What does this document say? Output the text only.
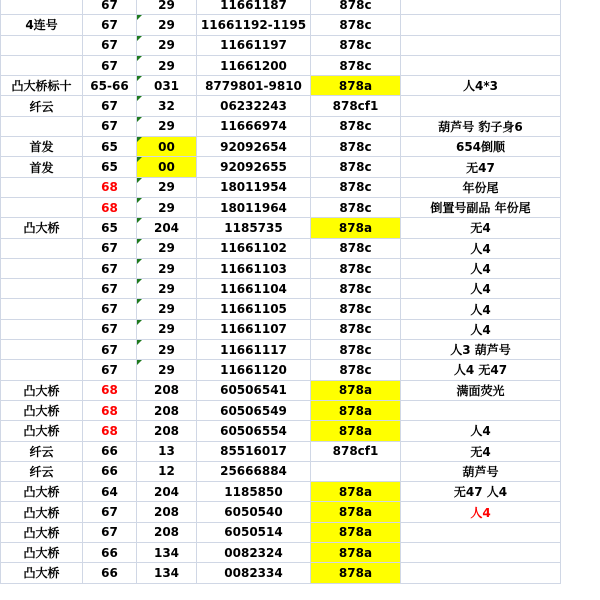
	67	29	11661187	878c	
4连号	67	29	11661192-1195	878c	
	67	29	11661197	878c	
	67	29	11661200	878c	
凸大桥标十	65-66	031	8779801-9810	878a	人4*3
纤云	67	32	06232243	878cf1	
	67	29	11666974	878c	葫芦号 豹子身6
首发	65	00	92092654	878c	654倒顺
首发	65	00	92092655	878c	无47
	68	29	18011954	878c	年份尾
	68	29	18011964	878c	倒置号副品 年份尾
凸大桥	65	204	1185735	878a	无4
	67	29	11661102	878c	人4
	67	29	11661103	878c	人4
	67	29	11661104	878c	人4
	67	29	11661105	878c	人4
	67	29	11661107	878c	人4
	67	29	11661117	878c	人3 葫芦号
	67	29	11661120	878c	人4 无47
凸大桥	68	208	60506541	878a	满面荧光
凸大桥	68	208	60506549	878a	
凸大桥	68	208	60506554	878a	人4
纤云	66	13	85516017	878cf1	无4
纤云	66	12	25666884		葫芦号
凸大桥	64	204	1185850	878a	无47 人4
凸大桥	67	208	6050540	878a	人4
凸大桥	67	208	6050514	878a	
凸大桥	66	134	0082324	878a	
凸大桥	66	134	0082334	878a	
